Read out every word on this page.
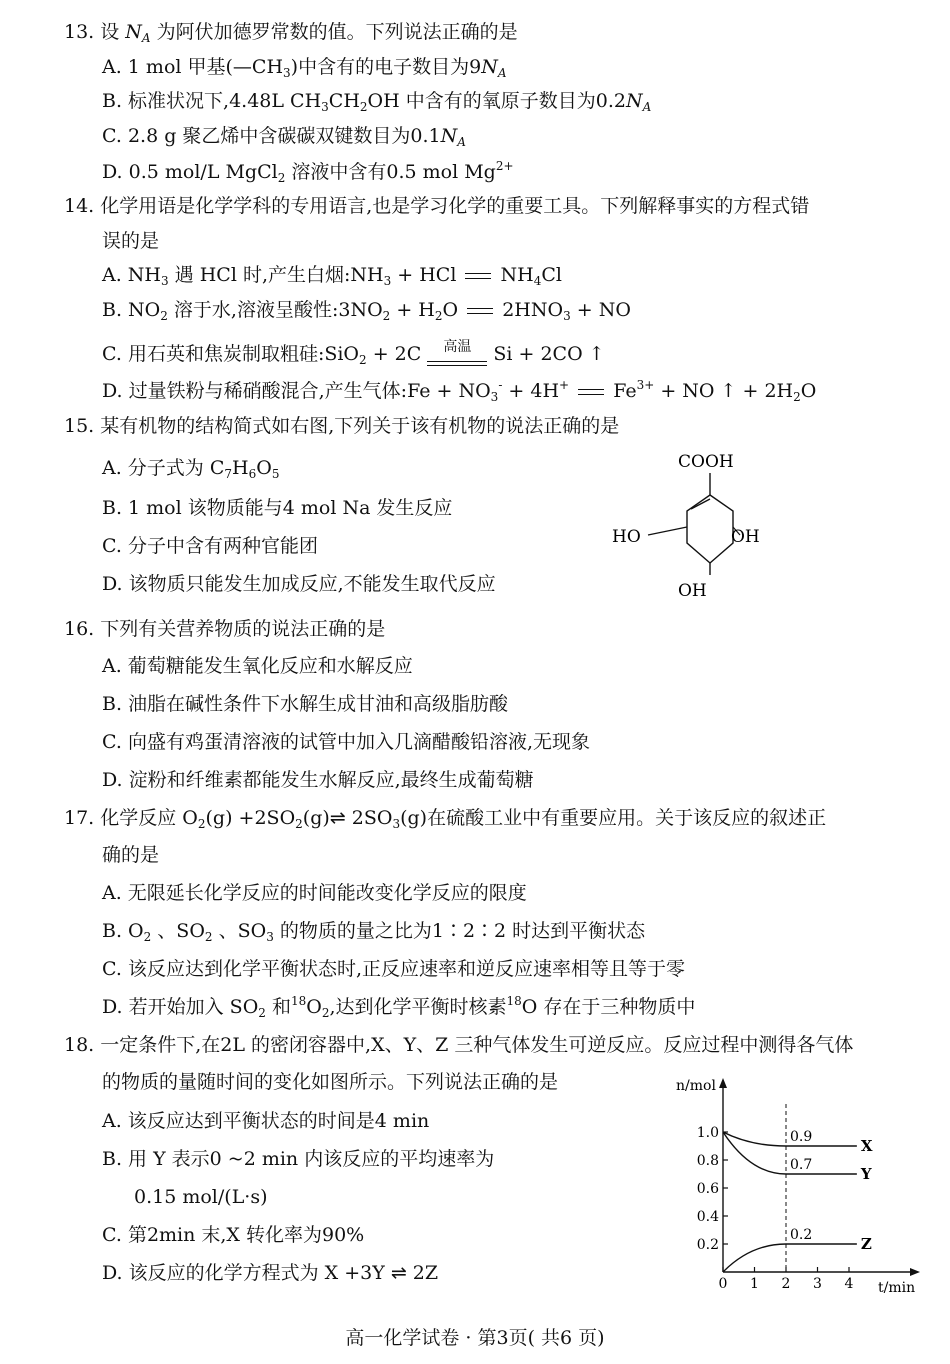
13. 设 $N_A$ 为阿伏加德罗常数的值。下列说法正确的是
A. 1 mol 甲基$(—CH_3)$中含有的电子数目为$9N_A$
B. 标准状况下,4.48L $CH_3CH_2OH$ 中含有的氧原子数目为$0.2N_A$
C. 2.8 g 聚乙烯中含碳碳双键数目为$0.1N_A$
D. 0.5 mol/L MgCl$_2$ 溶液中含有0.5 mol $Mg^{2+}$
14. 化学用语是化学学科的专用语言,也是学习化学的重要工具。下列解释事实的方程式错
误的是
A. $NH_3$ 遇 HCl 时,产生白烟$:NH_3$ + HCl  $NH_4Cl$
B. $NO_2$ 溶于水,溶液呈酸性$:3NO_2 + H_2O$  $2HNO_3$ + NO
C. 用石英和焦炭制取粗硅:SiO$_2$ + 2C	高温 Si + 2CO ↑
D. 过量铁粉与稀硝酸混合,产生气体:Fe + $NO_3^- + 4H^+$  $Fe^{3+}$ + NO ↑ + $2H_2O$
15. 某有机物的结构简式如右图,下列关于该有机物的说法正确的是
A. 分子式为 $C_7H_6O_5$
B. 1 mol 该物质能与4 mol Na 发生反应
C. 分子中含有两种官能团
D. 该物质只能发生加成反应,不能发生取代反应
COOH
HO	OH
OH
16. 下列有关营养物质的说法正确的是
A. 葡萄糖能发生氧化反应和水解反应
B. 油脂在碱性条件下水解生成甘油和高级脂肪酸
C. 向盛有鸡蛋清溶液的试管中加入几滴醋酸铅溶液,无现象
D. 淀粉和纤维素都能发生水解反应,最终生成葡萄糖
17. 化学反应 $O_2(g)$ $+2SO_2(g)\rightleftharpoons$ $2SO_3(g)$在硫酸工业中有重要应用。关于该反应的叙述正
确的是
A. 无限延长化学反应的时间能改变化学反应的限度
B. $O_2$ 、$SO_2$ 、$SO_3$ 的物质的量之比为1∶2∶2 时达到平衡状态
C. 该反应达到化学平衡状态时,正反应速率和逆反应速率相等且等于零
D. 若开始加入 $SO_2$ 和$^{18}O_2$,达到化学平衡时核素$^{18}$O 存在于三种物质中
18. 一定条件下,在2L 的密闭容器中,X、Y、Z 三种气体发生可逆反应。反应过程中测得各气体
的物质的量随时间的变化如图所示。下列说法正确的是
A. 该反应达到平衡状态的时间是4 min
B. 用 Y 表示0 ~2 min 内该反应的平均速率为
0.15 mol/(L·s)
C. 第2min 末,X 转化率为90%
D. 该反应的化学方程式为 X +3Y ⇌ 2Z
n/mol
t/min
0 1 2 3 4
0.2
0.4
0.6
0.8
1.0	0.9	X
0.7	Y
0.2	Z
高一化学试卷 · 第3页( 共6 页)
